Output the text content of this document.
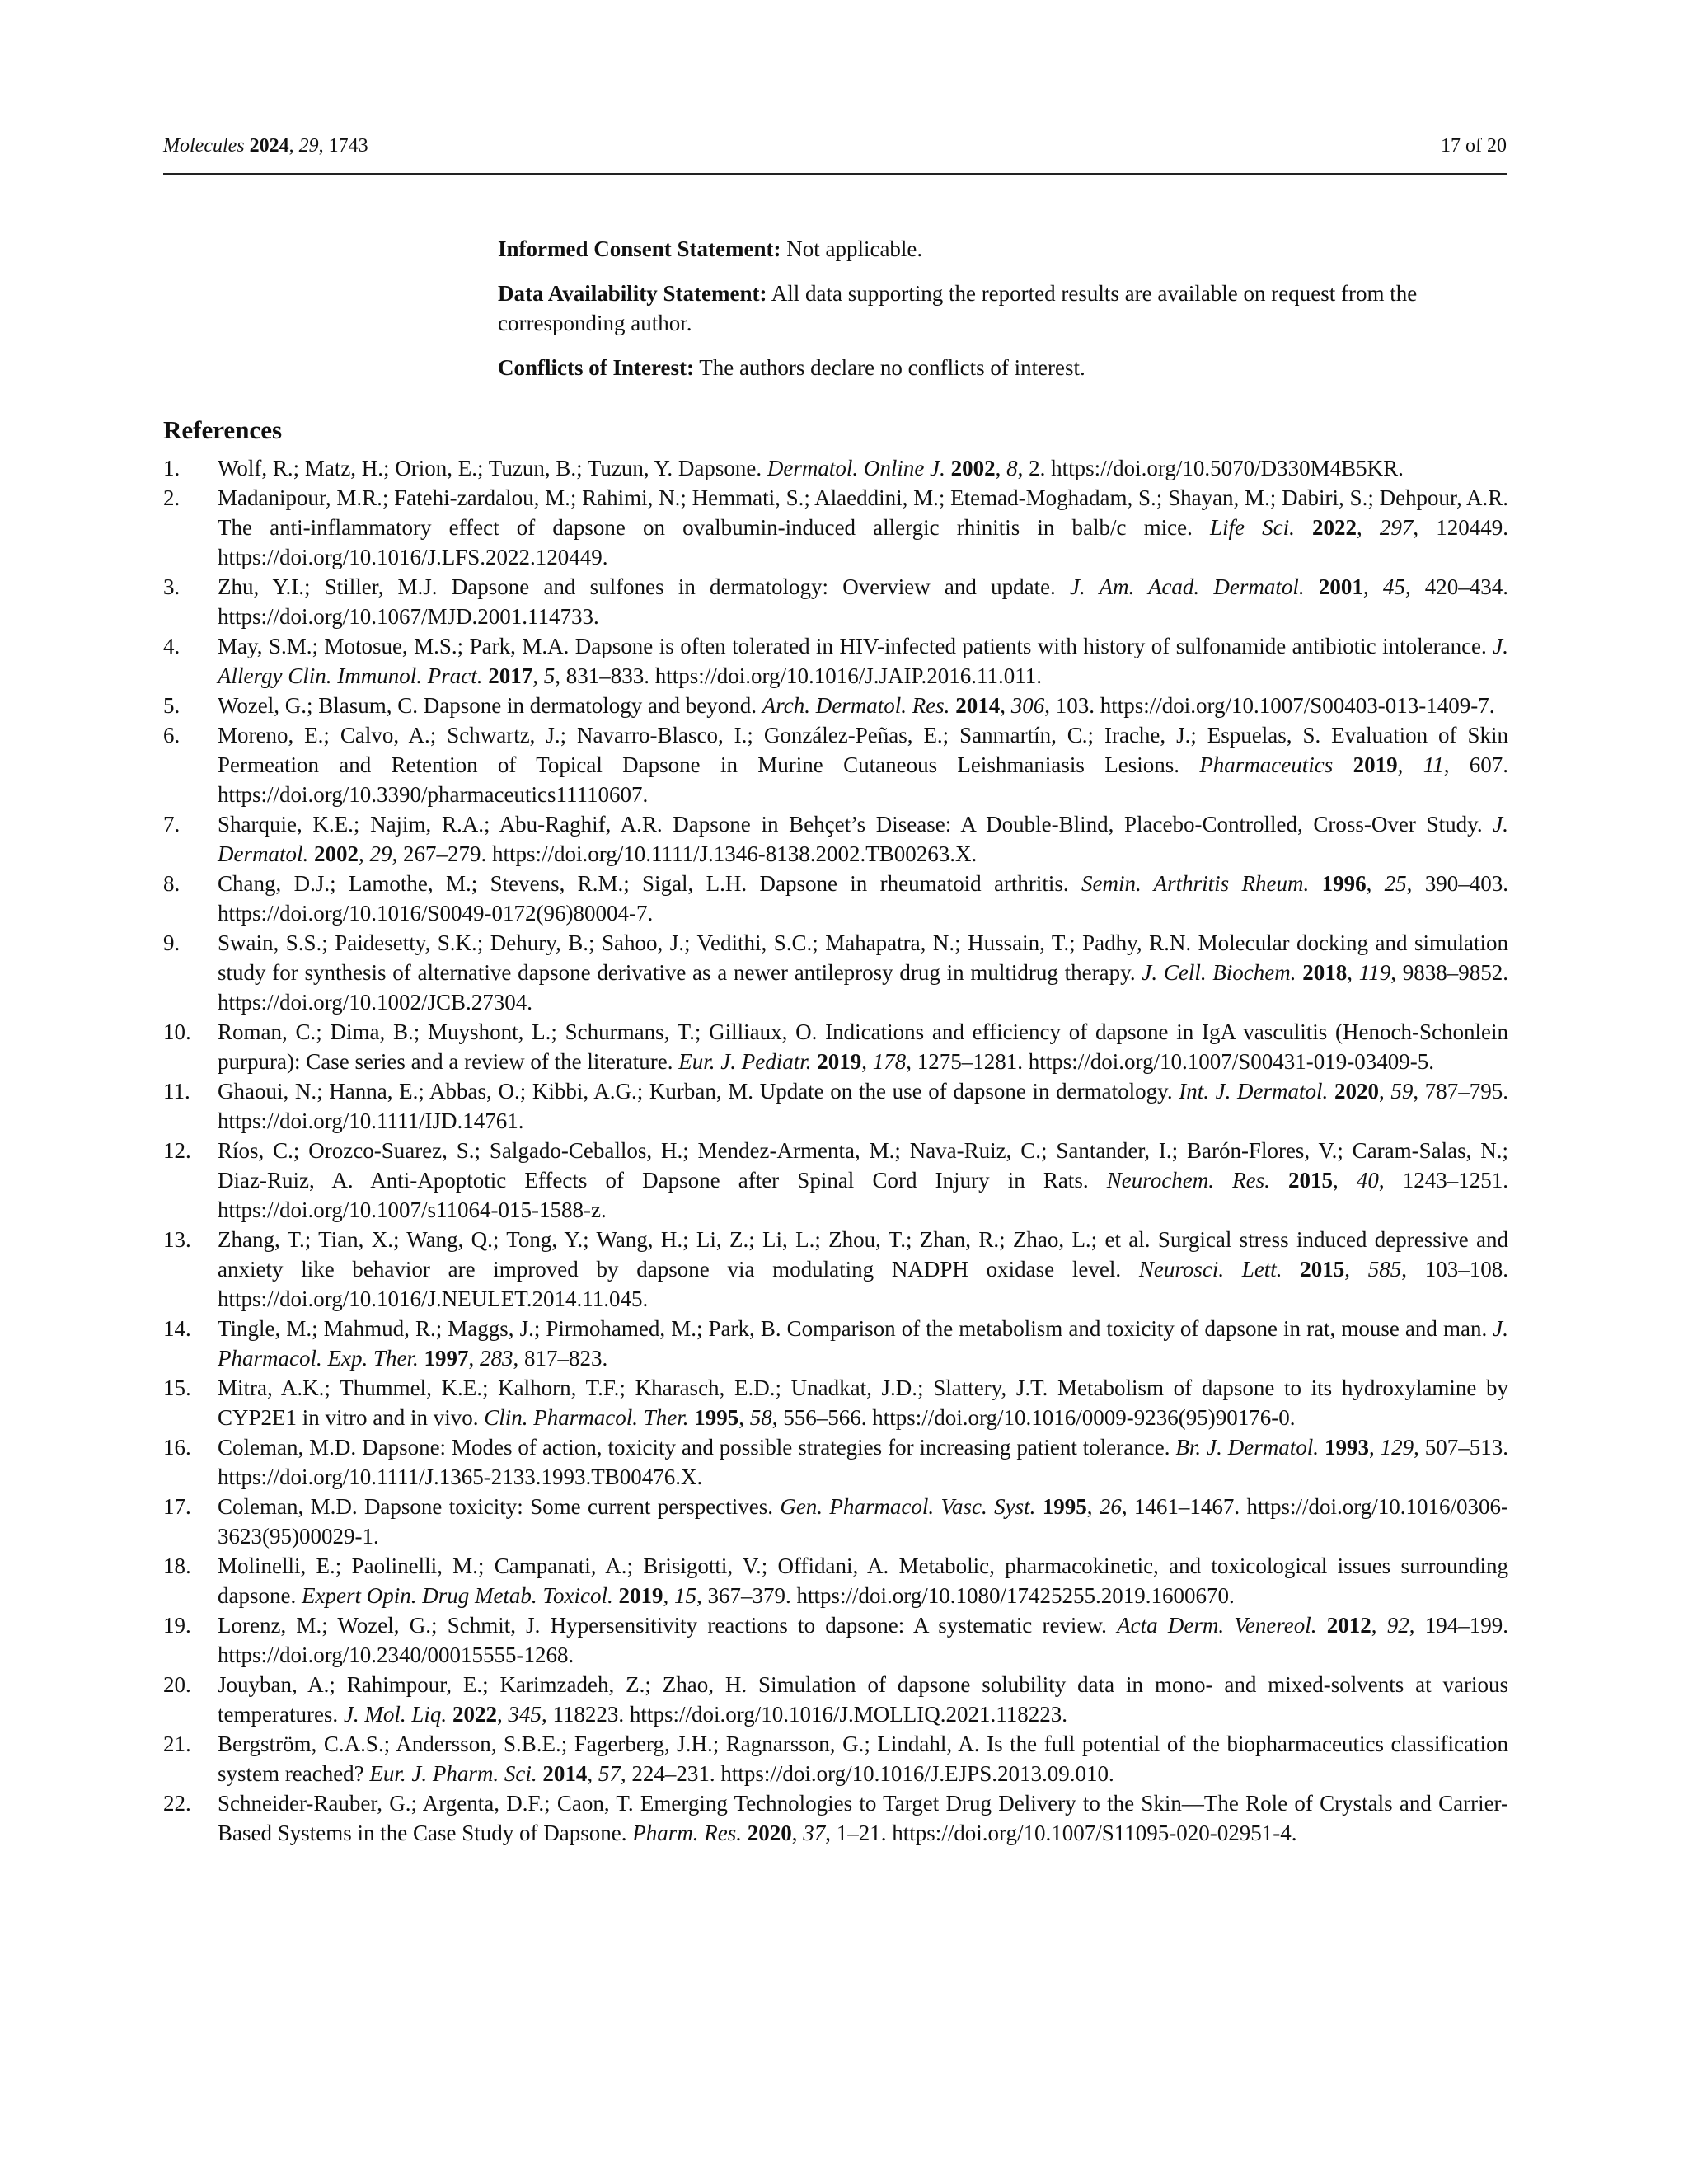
Molecules 2024, 29, 1743	17 of 20

Informed Consent Statement: Not applicable.

Data Availability Statement: All data supporting the reported results are available on request from the corresponding author.

Conflicts of Interest: The authors declare no conflicts of interest.

References
1. Wolf, R.; Matz, H.; Orion, E.; Tuzun, B.; Tuzun, Y. Dapsone. Dermatol. Online J. 2002, 8, 2. https://doi.org/10.5070/D330M4B5KR.
2. Madanipour, M.R.; Fatehi-zardalou, M.; Rahimi, N.; Hemmati, S.; Alaeddini, M.; Etemad-Moghadam, S.; Shayan, M.; Dabiri, S.; Dehpour, A.R. The anti-inflammatory effect of dapsone on ovalbumin-induced allergic rhinitis in balb/c mice. Life Sci. 2022, 297, 120449. https://doi.org/10.1016/J.LFS.2022.120449.
3. Zhu, Y.I.; Stiller, M.J. Dapsone and sulfones in dermatology: Overview and update. J. Am. Acad. Dermatol. 2001, 45, 420–434. https://doi.org/10.1067/MJD.2001.114733.
4. May, S.M.; Motosue, M.S.; Park, M.A. Dapsone is often tolerated in HIV-infected patients with history of sulfonamide antibiotic intolerance. J. Allergy Clin. Immunol. Pract. 2017, 5, 831–833. https://doi.org/10.1016/J.JAIP.2016.11.011.
5. Wozel, G.; Blasum, C. Dapsone in dermatology and beyond. Arch. Dermatol. Res. 2014, 306, 103. https://doi.org/10.1007/S00403-013-1409-7.
6. Moreno, E.; Calvo, A.; Schwartz, J.; Navarro-Blasco, I.; González-Peñas, E.; Sanmartín, C.; Irache, J.; Espuelas, S. Evaluation of Skin Permeation and Retention of Topical Dapsone in Murine Cutaneous Leishmaniasis Lesions. Pharmaceutics 2019, 11, 607. https://doi.org/10.3390/pharmaceutics11110607.
7. Sharquie, K.E.; Najim, R.A.; Abu-Raghif, A.R. Dapsone in Behçet’s Disease: A Double-Blind, Placebo-Controlled, Cross-Over Study. J. Dermatol. 2002, 29, 267–279. https://doi.org/10.1111/J.1346-8138.2002.TB00263.X.
8. Chang, D.J.; Lamothe, M.; Stevens, R.M.; Sigal, L.H. Dapsone in rheumatoid arthritis. Semin. Arthritis Rheum. 1996, 25, 390–403. https://doi.org/10.1016/S0049-0172(96)80004-7.
9. Swain, S.S.; Paidesetty, S.K.; Dehury, B.; Sahoo, J.; Vedithi, S.C.; Mahapatra, N.; Hussain, T.; Padhy, R.N. Molecular docking and simulation study for synthesis of alternative dapsone derivative as a newer antileprosy drug in multidrug therapy. J. Cell. Biochem. 2018, 119, 9838–9852. https://doi.org/10.1002/JCB.27304.
10. Roman, C.; Dima, B.; Muyshont, L.; Schurmans, T.; Gilliaux, O. Indications and efficiency of dapsone in IgA vasculitis (Henoch-Schonlein purpura): Case series and a review of the literature. Eur. J. Pediatr. 2019, 178, 1275–1281. https://doi.org/10.1007/S00431-019-03409-5.
11. Ghaoui, N.; Hanna, E.; Abbas, O.; Kibbi, A.G.; Kurban, M. Update on the use of dapsone in dermatology. Int. J. Dermatol. 2020, 59, 787–795. https://doi.org/10.1111/IJD.14761.
12. Ríos, C.; Orozco-Suarez, S.; Salgado-Ceballos, H.; Mendez-Armenta, M.; Nava-Ruiz, C.; Santander, I.; Barón-Flores, V.; Caram-Salas, N.; Diaz-Ruiz, A. Anti-Apoptotic Effects of Dapsone after Spinal Cord Injury in Rats. Neurochem. Res. 2015, 40, 1243–1251. https://doi.org/10.1007/s11064-015-1588-z.
13. Zhang, T.; Tian, X.; Wang, Q.; Tong, Y.; Wang, H.; Li, Z.; Li, L.; Zhou, T.; Zhan, R.; Zhao, L.; et al. Surgical stress induced depressive and anxiety like behavior are improved by dapsone via modulating NADPH oxidase level. Neurosci. Lett. 2015, 585, 103–108. https://doi.org/10.1016/J.NEULET.2014.11.045.
14. Tingle, M.; Mahmud, R.; Maggs, J.; Pirmohamed, M.; Park, B. Comparison of the metabolism and toxicity of dapsone in rat, mouse and man. J. Pharmacol. Exp. Ther. 1997, 283, 817–823.
15. Mitra, A.K.; Thummel, K.E.; Kalhorn, T.F.; Kharasch, E.D.; Unadkat, J.D.; Slattery, J.T. Metabolism of dapsone to its hydroxylamine by CYP2E1 in vitro and in vivo. Clin. Pharmacol. Ther. 1995, 58, 556–566. https://doi.org/10.1016/0009-9236(95)90176-0.
16. Coleman, M.D. Dapsone: Modes of action, toxicity and possible strategies for increasing patient tolerance. Br. J. Dermatol. 1993, 129, 507–513. https://doi.org/10.1111/J.1365-2133.1993.TB00476.X.
17. Coleman, M.D. Dapsone toxicity: Some current perspectives. Gen. Pharmacol. Vasc. Syst. 1995, 26, 1461–1467. https://doi.org/10.1016/0306-3623(95)00029-1.
18. Molinelli, E.; Paolinelli, M.; Campanati, A.; Brisigotti, V.; Offidani, A. Metabolic, pharmacokinetic, and toxicological issues surrounding dapsone. Expert Opin. Drug Metab. Toxicol. 2019, 15, 367–379. https://doi.org/10.1080/17425255.2019.1600670.
19. Lorenz, M.; Wozel, G.; Schmit, J. Hypersensitivity reactions to dapsone: A systematic review. Acta Derm. Venereol. 2012, 92, 194–199. https://doi.org/10.2340/00015555-1268.
20. Jouyban, A.; Rahimpour, E.; Karimzadeh, Z.; Zhao, H. Simulation of dapsone solubility data in mono- and mixed-solvents at various temperatures. J. Mol. Liq. 2022, 345, 118223. https://doi.org/10.1016/J.MOLLIQ.2021.118223.
21. Bergström, C.A.S.; Andersson, S.B.E.; Fagerberg, J.H.; Ragnarsson, G.; Lindahl, A. Is the full potential of the biopharmaceutics classification system reached? Eur. J. Pharm. Sci. 2014, 57, 224–231. https://doi.org/10.1016/J.EJPS.2013.09.010.
22. Schneider-Rauber, G.; Argenta, D.F.; Caon, T. Emerging Technologies to Target Drug Delivery to the Skin—The Role of Crystals and Carrier-Based Systems in the Case Study of Dapsone. Pharm. Res. 2020, 37, 1–21. https://doi.org/10.1007/S11095-020-02951-4.
